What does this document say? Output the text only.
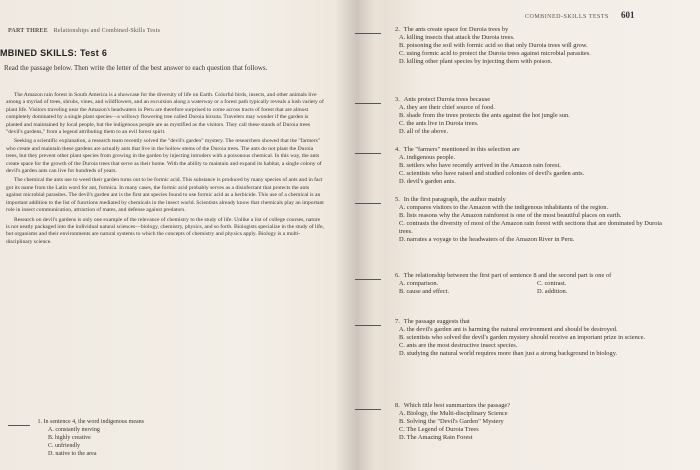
PART THREE Relationships and Combined-Skills Tests
MBINED SKILLS: Test 6
Read the passage below. Then write the letter of the best answer to each question that follows.

The Amazon rain forest in South America is a showcase for the diversity of life on Earth. Colorful birds, insects, and other animals live among a myriad of trees, shrubs, vines, and wildflowers, and an excursion along a waterway or a forest path typically reveals a lush variety of plant life. Visitors traveling near the Amazon's headwaters in Peru are therefore surprised to come across tracts of forest that are almost completely dominated by a single plant species—a willowy flowering tree called Duroia hirsuta. Travelers may wonder if the garden is planted and maintained by local people, but the indigenous people are as mystified as the visitors. They call these stands of Duroia trees "devil's gardens," from a legend attributing them to an evil forest spirit.

Seeking a scientific explanation, a research team recently solved the "devil's garden" mystery. The researchers showed that the "farmers" who create and maintain these gardens are actually ants that live in the hollow stems of the Duroia trees. The ants do not plant the Duroia trees, but they prevent other plant species from growing in the garden by injecting intruders with a poisonous chemical. In this way, the ants create space for the growth of the Duroia trees that serve as their home. With the ability to maintain and expand its habitat, a single colony of devil's garden ants can live for hundreds of years.

The chemical the ants use to weed their garden turns out to be formic acid. This substance is produced by many species of ants and in fact got its name from the Latin word for ant, formica. In many cases, the formic acid probably serves as a disinfectant that protects the ants against microbial parasites. The devil's garden ant is the first ant species found to use formic acid as a herbicide. This use of a chemical is an important addition to the list of functions mediated by chemicals in the insect world. Scientists already know that chemicals play an important role in insect communication, attraction of mates, and defense against predators.

Research on devil's gardens is only one example of the relevance of chemistry to the study of life. Unlike a list of college courses, nature is not neatly packaged into the individual natural sciences—biology, chemistry, physics, and so forth. Biologists specialize in the study of life, but organisms and their environments are natural systems to which the concepts of chemistry and physics apply. Biology is a multi-disciplinary science.

1. In sentence 4, the word indigenous means
A. constantly moving
B. highly creative
C. unfriendly
D. native to the area
COMBINED-SKILLS TESTS 601
2. The ants create space for Duroia trees by
A. killing insects that attack the Duroia trees.
B. poisoning the soil with formic acid so that only Duroia trees will grow.
C. using formic acid to protect the Duroia trees against microbial parasites.
D. killing other plant species by injecting them with poison.
3. Ants protect Duroia trees because
A. they are their chief source of food.
B. shade from the trees protects the ants against the hot jungle sun.
C. the ants live in Duroia trees.
D. all of the above.
4. The "farmers" mentioned in this selection are
A. indigenous people.
B. settlers who have recently arrived in the Amazon rain forest.
C. scientists who have raised and studied colonies of devil's garden ants.
D. devil's garden ants.
5. In the first paragraph, the author mainly
A. compares visitors to the Amazon with the indigenous inhabitants of the region.
B. lists reasons why the Amazon rainforest is one of the most beautiful places on earth.
C. contrasts the diversity of most of the Amazon rain forest with sections that are dominated by Duroia trees.
D. narrates a voyage to the headwaters of the Amazon River in Peru.
6. The relationship between the first part of sentence 8 and the second part is one of
A. comparison.	C. contrast.
B. cause and effect.	D. addition.
7. The passage suggests that
A. the devil's garden ant is harming the natural environment and should be destroyed.
B. scientists who solved the devil's garden mystery should receive an important prize in science.
C. ants are the most destructive insect species.
D. studying the natural world requires more than just a strong background in biology.
8. Which title best summarizes the passage?
A. Biology, the Multi-disciplinary Science
B. Solving the "Devil's Garden" Mystery
C. The Legend of Duroia Trees
D. The Amazing Rain Forest
